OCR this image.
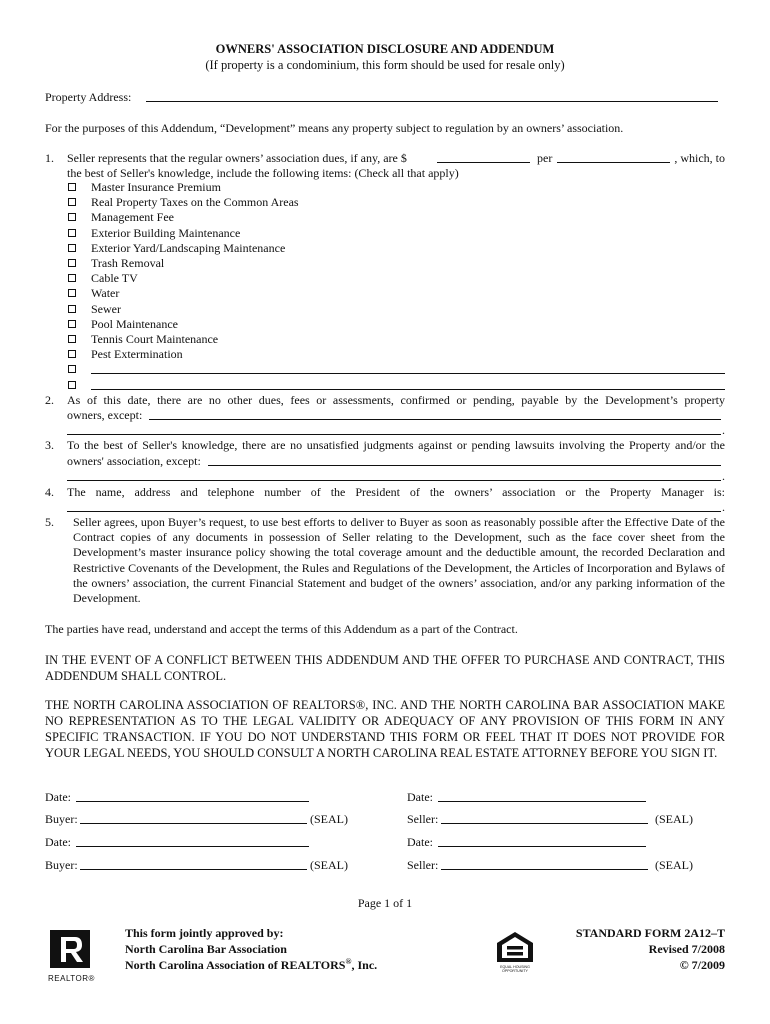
OWNERS' ASSOCIATION DISCLOSURE AND ADDENDUM
(If property is a condominium, this form should be used for resale only)
Property Address:
For the purposes of this Addendum, “Development” means any property subject to regulation by an owners’ association.
1. Seller represents that the regular owners’ association dues, if any, are $	per	, which, to
the best of Seller's knowledge, include the following items: (Check all that apply)
Master Insurance Premium
Real Property Taxes on the Common Areas
Management Fee
Exterior Building Maintenance
Exterior Yard/Landscaping Maintenance
Trash Removal
Cable TV
Water
Sewer
Pool Maintenance
Tennis Court Maintenance
Pest Extermination
2. As of this date, there are no other dues, fees or assessments, confirmed or pending, payable by the Development’s property
owners, except:
.
3. To the best of Seller's knowledge, there are no unsatisfied judgments against or pending lawsuits involving the Property and/or the
owners' association, except:
.
4. The name, address and telephone number of the President of the owners’ association or the Property Manager is:
.
5. Seller agrees, upon Buyer’s request, to use best efforts to deliver to Buyer as soon as reasonably possible after the Effective Date of the Contract copies of any documents in possession of Seller relating to the Development, such as the face cover sheet from the Development’s master insurance policy showing the total coverage amount and the deductible amount, the recorded Declaration and Restrictive Covenants of the Development, the Rules and Regulations of the Development, the Articles of Incorporation and Bylaws of the owners’ association, the current Financial Statement and budget of the owners’ association, and/or any parking information of the Development.
The parties have read, understand and accept the terms of this Addendum as a part of the Contract.
IN THE EVENT OF A CONFLICT BETWEEN THIS ADDENDUM AND THE OFFER TO PURCHASE AND CONTRACT, THIS ADDENDUM SHALL CONTROL.
THE NORTH CAROLINA ASSOCIATION OF REALTORS®, INC. AND THE NORTH CAROLINA BAR ASSOCIATION MAKE NO REPRESENTATION AS TO THE LEGAL VALIDITY OR ADEQUACY OF ANY PROVISION OF THIS FORM IN ANY SPECIFIC TRANSACTION. IF YOU DO NOT UNDERSTAND THIS FORM OR FEEL THAT IT DOES NOT PROVIDE FOR YOUR LEGAL NEEDS, YOU SHOULD CONSULT A NORTH CAROLINA REAL ESTATE ATTORNEY BEFORE YOU SIGN IT.
Date:	Date:
Buyer:	(SEAL)	Seller:	(SEAL)
Date:	Date:
Buyer:	(SEAL)	Seller:	(SEAL)
Page 1 of 1
REALTOR®
This form jointly approved by:
North Carolina Bar Association
North Carolina Association of REALTORS®, Inc.	EQUAL HOUSING OPPORTUNITY
STANDARD FORM 2A12–T
Revised 7/2008
© 7/2009
